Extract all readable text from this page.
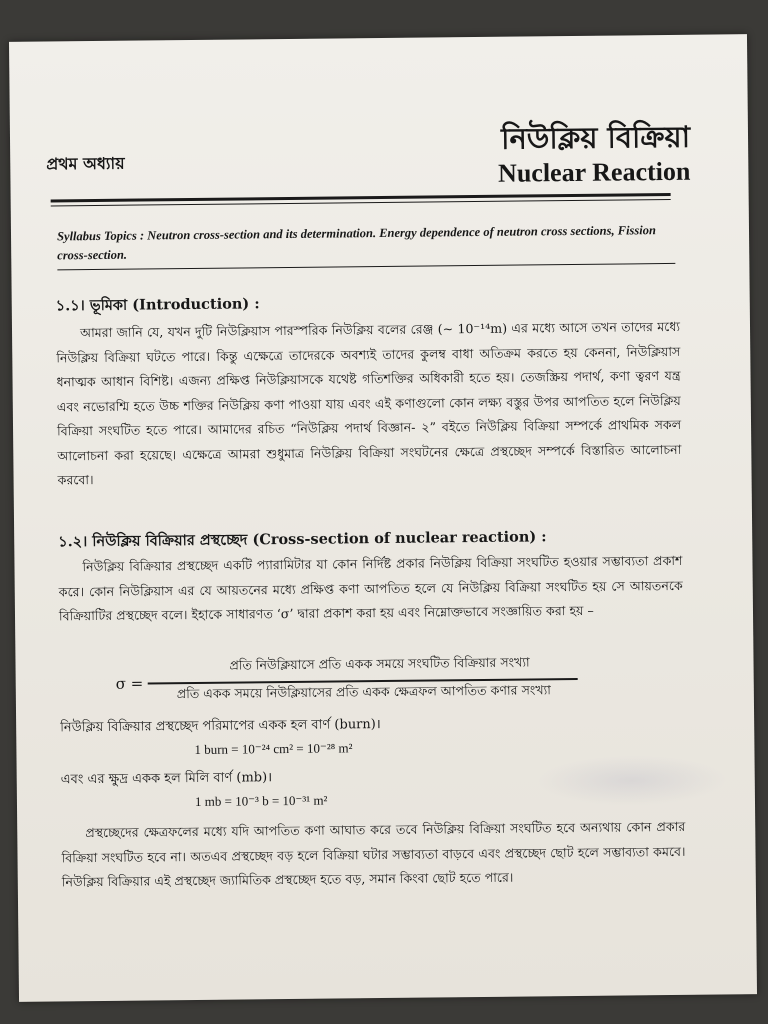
প্রথম অধ্যায়
নিউক্লিয় বিক্রিয়া
Nuclear Reaction
Syllabus Topics : Neutron cross-section and its determination. Energy dependence of neutron cross sections, Fission cross-section.
১.১। ভূমিকা (Introduction) :
আমরা জানি যে, যখন দুটি নিউক্লিয়াস পারস্পরিক নিউক্লিয় বলের রেঞ্জ (~ 10⁻¹⁴m) এর মধ্যে আসে তখন তাদের মধ্যে নিউক্লিয় বিক্রিয়া ঘটতে পারে। কিন্তু এক্ষেত্রে তাদেরকে অবশ্যই তাদের কুলম্ব বাধা অতিক্রম করতে হয় কেননা, নিউক্লিয়াস ধনাত্মক আধান বিশিষ্ট। এজন্য প্রক্ষিপ্ত নিউক্লিয়াসকে যথেষ্ট গতিশক্তির অধিকারী হতে হয়। তেজস্ক্রিয় পদার্থ, কণা ত্বরণ যন্ত্র এবং নভোরশ্মি হতে উচ্চ শক্তির নিউক্লিয় কণা পাওয়া যায় এবং এই কণাগুলো কোন লক্ষ্য বস্তুর উপর আপতিত হলে নিউক্লিয় বিক্রিয়া সংঘটিত হতে পারে। আমাদের রচিত “নিউক্লিয় পদার্থ বিজ্ঞান- ২” বইতে নিউক্লিয় বিক্রিয়া সম্পর্কে প্রাথমিক সকল আলোচনা করা হয়েছে। এক্ষেত্রে আমরা শুধুমাত্র নিউক্লিয় বিক্রিয়া সংঘটনের ক্ষেত্রে প্রস্থচ্ছেদ সম্পর্কে বিস্তারিত আলোচনা করবো।
১.২। নিউক্লিয় বিক্রিয়ার প্রস্থচ্ছেদ (Cross-section of nuclear reaction) :
নিউক্লিয় বিক্রিয়ার প্রস্থচ্ছেদ একটি প্যারামিটার যা কোন নির্দিষ্ট প্রকার নিউক্লিয় বিক্রিয়া সংঘটিত হওয়ার সম্ভাব্যতা প্রকাশ করে। কোন নিউক্লিয়াস এর যে আয়তনের মধ্যে প্রক্ষিপ্ত কণা আপতিত হলে যে নিউক্লিয় বিক্রিয়া সংঘটিত হয় সে আয়তনকে বিক্রিয়াটির প্রস্থচ্ছেদ বলে। ইহাকে সাধারণত ‘σ’ দ্বারা প্রকাশ করা হয় এবং নিম্নোক্তভাবে সংজ্ঞায়িত করা হয় –
σ =
প্রতি নিউক্লিয়াসে প্রতি একক সময়ে সংঘটিত বিক্রিয়ার সংখ্যা
প্রতি একক সময়ে নিউক্লিয়াসের প্রতি একক ক্ষেত্রফল আপতিত কণার সংখ্যা
নিউক্লিয় বিক্রিয়ার প্রস্থচ্ছেদ পরিমাপের একক হল বার্ণ (burn)।
1 burn = 10⁻²⁴ cm² = 10⁻²⁸ m²
এবং এর ক্ষুদ্র একক হল মিলি বার্ণ (mb)।
1 mb = 10⁻³ b = 10⁻³¹ m²
প্রস্থচ্ছেদের ক্ষেত্রফলের মধ্যে যদি আপতিত কণা আঘাত করে তবে নিউক্লিয় বিক্রিয়া সংঘটিত হবে অন্যথায় কোন প্রকার বিক্রিয়া সংঘটিত হবে না। অতএব প্রস্থচ্ছেদ বড় হলে বিক্রিয়া ঘটার সম্ভাব্যতা বাড়বে এবং প্রস্থচ্ছেদ ছোট হলে সম্ভাব্যতা কমবে। নিউক্লিয় বিক্রিয়ার এই প্রস্থচ্ছেদ জ্যামিতিক প্রস্থচ্ছেদ হতে বড়, সমান কিংবা ছোট হতে পারে।
